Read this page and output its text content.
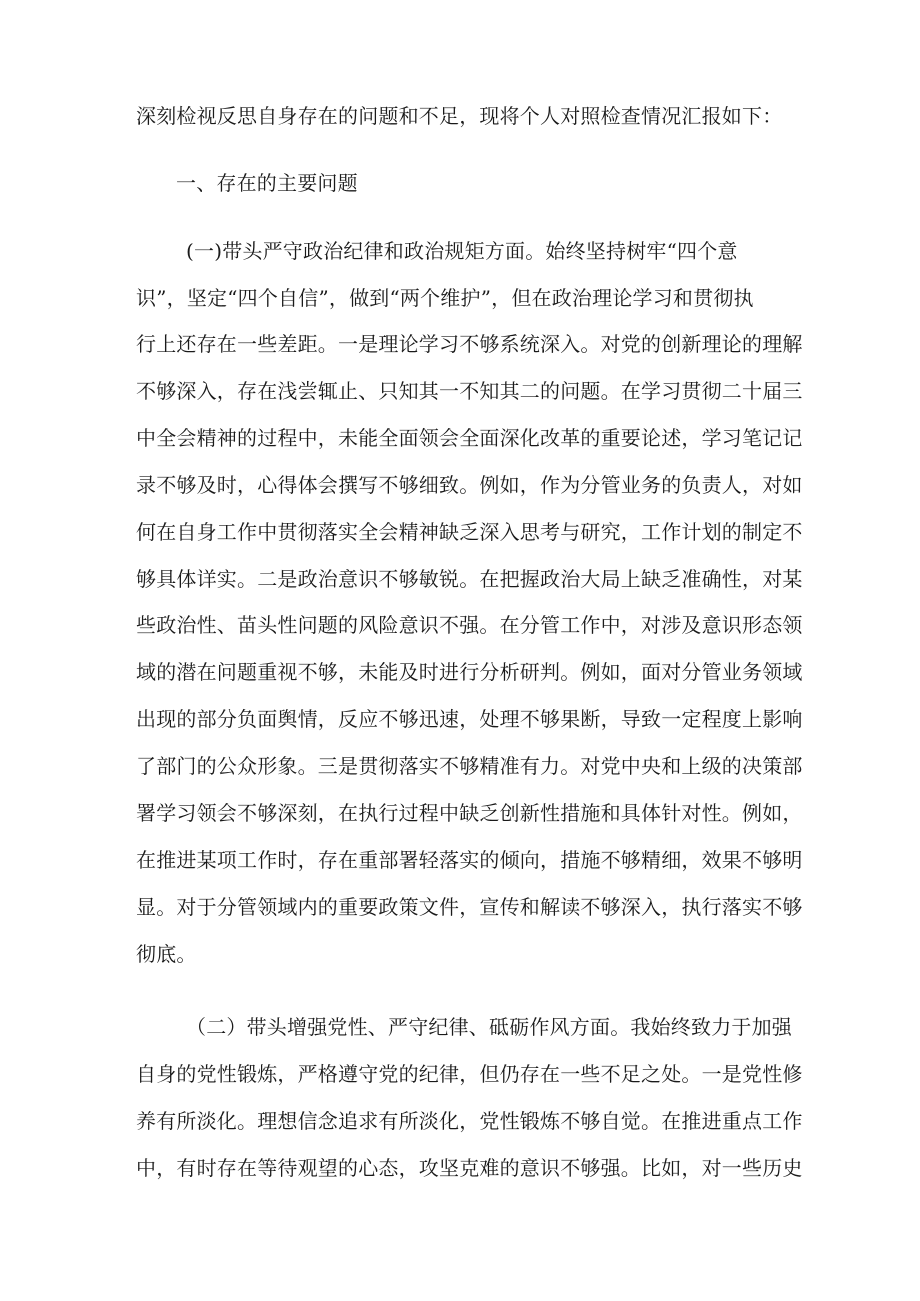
深刻检视反思自身存在的问题和不足，现将个人对照检查情况汇报如下：
一、存在的主要问题
(一)带头严守政治纪律和政治规矩方面。始终坚持树牢“四个意
识”，坚定“四个自信”，做到“两个维护”，但在政治理论学习和贯彻执
行上还存在一些差距。一是理论学习不够系统深入。对党的创新理论的理解
不够深入，存在浅尝辄止、只知其一不知其二的问题。在学习贯彻二十届三
中全会精神的过程中，未能全面领会全面深化改革的重要论述，学习笔记记
录不够及时，心得体会撰写不够细致。例如，作为分管业务的负责人，对如
何在自身工作中贯彻落实全会精神缺乏深入思考与研究，工作计划的制定不
够具体详实。二是政治意识不够敏锐。在把握政治大局上缺乏准确性，对某
些政治性、苗头性问题的风险意识不强。在分管工作中，对涉及意识形态领
域的潜在问题重视不够，未能及时进行分析研判。例如，面对分管业务领域
出现的部分负面舆情，反应不够迅速，处理不够果断，导致一定程度上影响
了部门的公众形象。三是贯彻落实不够精准有力。对党中央和上级的决策部
署学习领会不够深刻，在执行过程中缺乏创新性措施和具体针对性。例如，
在推进某项工作时，存在重部署轻落实的倾向，措施不够精细，效果不够明
显。对于分管领域内的重要政策文件，宣传和解读不够深入，执行落实不够
彻底。
（二）带头增强党性、严守纪律、砥砺作风方面。我始终致力于加强
自身的党性锻炼，严格遵守党的纪律，但仍存在一些不足之处。一是党性修
养有所淡化。理想信念追求有所淡化，党性锻炼不够自觉。在推进重点工作
中，有时存在等待观望的心态，攻坚克难的意识不够强。比如，对一些历史
